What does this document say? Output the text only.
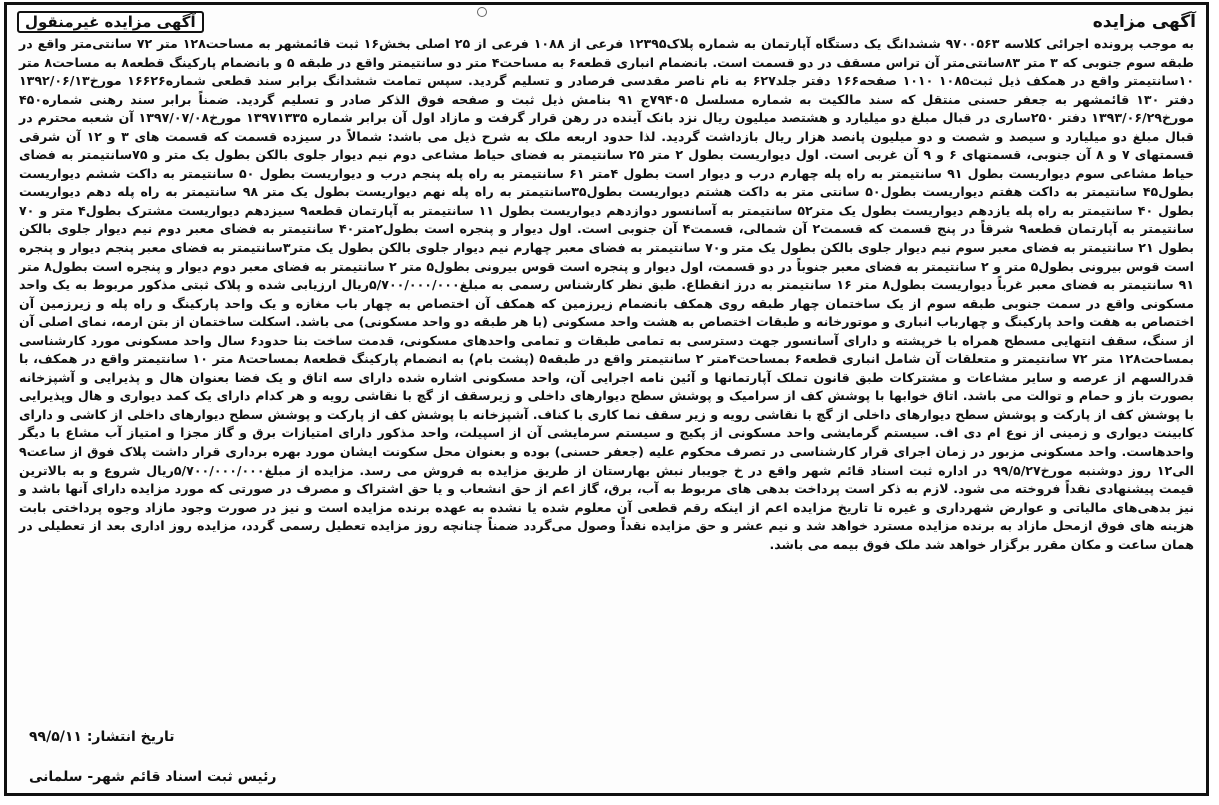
آگهی مزایده
آگهی مزایده غیرمنقول
به موجب پرونده اجرائی کلاسه ۹۷۰۰۵۶۳ ششدانگ یک دستگاه آپارتمان به شماره پلاک۱۲۳۹۵ فرعی از ۱۰۸۸ فرعی از ۲۵ اصلی بخش۱۶ ثبت قائمشهر به مساحت۱۲۸ متر ۷۲ سانتی‌متر واقع در طبقه سوم جنوبی که ۳ متر ۸۳سانتی‌متر آن تراس مسقف در دو قسمت است. بانضمام انباری قطعه۶ به مساحت۴ متر دو سانتیمتر واقع در طبقه ۵ و بانضمام پارکینگ قطعه۸ به مساحت۸ متر ۱۰سانتیمتر واقع در همکف ذیل ثبت۱۰۸۵ ۱۰۱۰ صفحه۱۶۶ دفتر جلد۶۲۷ به نام ناصر مقدسی فرصادر و تسلیم گردید. سپس تمامت ششدانگ برابر سند قطعی شماره۱۶۶۲۶ مورخ۱۳۹۲/۰۶/۱۳ دفتر ۱۳۰ قائمشهر به جعفر حسنی منتقل که سند مالکیت به شماره مسلسل ۷۹۴۰۵ج ۹۱ بنامش ذیل ثبت و صفحه فوق الذکر صادر و تسلیم گردید. ضمناً برابر سند رهنی شماره۴۵۰ مورخ۱۳۹۳/۰۶/۲۹ دفتر ۲۵۰ساری در قبال مبلغ دو میلیارد و هشتصد میلیون ریال نزد بانک آینده در رهن قرار گرفت و مازاد اول آن برابر شماره ۱۳۹۷۱۳۳۵ مورخ۱۳۹۷/۰۷/۰۸ آن شعبه محترم در قبال مبلغ دو میلیارد و سیصد و شصت و دو میلیون پانصد هزار ریال بازداشت گردید. لذا حدود اربعه ملک به شرح ذیل می باشد: شمالاً در سیزده قسمت که قسمت های ۳ و ۱۲ آن شرقی قسمتهای ۷ و ۸ آن جنوبی، قسمتهای ۶ و ۹ آن غربی است. اول دیواریست بطول ۲ متر ۲۵ سانتیمتر به فضای حیاط مشاعی دوم نیم دیوار جلوی بالکن بطول یک متر و ۷۵سانتیمتر به فضای حیاط مشاعی سوم دیواریست بطول ۹۱ سانتیمتر به راه پله چهارم درب و دیوار است بطول ۴متر ۶۱ سانتیمتر به راه پله پنجم درب و دیواریست بطول ۵۰ سانتیمتر به داکت ششم دیواریست بطول۴۵ سانتیمتر به داکت هفتم دیواریست بطول۵۰ سانتی متر به داکت هشتم دیواریست بطول۳۵سانتیمتر به راه پله نهم دیواریست بطول یک متر ۹۸ سانتیمتر به راه پله دهم دیواریست بطول ۴۰ سانتیمتر به راه پله یازدهم دیواریست بطول یک متر۵۲ سانتیمتر به آسانسور دوازدهم دیواریست بطول ۱۱ سانتیمتر به آپارتمان قطعه۹ سیزدهم دیواریست مشترک بطول۴ متر و ۷۰ سانتیمتر به آپارتمان قطعه۹ شرقاً در پنج قسمت که قسمت۲ آن شمالی، قسمت۴ آن جنوبی است. اول دیوار و پنجره است بطول۲متر۴۰ سانتیمتر به فضای معبر دوم نیم دیوار جلوی بالکن بطول ۲۱ سانتیمتر به فضای معبر سوم نیم دیوار جلوی بالکن بطول یک متر و۷۰ سانتیمتر به فضای معبر چهارم نیم دیوار جلوی بالکن بطول یک متر۳سانتیمتر به فضای معبر پنجم دیوار و پنجره است قوس بیرونی بطول۵ متر و ۲ سانتیمتر به فضای معبر جنوباً در دو قسمت، اول دیوار و پنجره است قوس بیرونی بطول۵ متر ۲ سانتیمتر به فضای معبر دوم دیوار و پنجره است بطول۸ متر ۹۱ سانتیمتر به فضای معبر غرباً دیواریست بطول۸ متر ۱۶ سانتیمتر به درز انقطاع. طبق نظر کارشناس رسمی به مبلغ۵/۷۰۰/۰۰۰/۰۰۰ریال ارزیابی شده و پلاک ثبتی مذکور مربوط به یک واحد مسکونی واقع در سمت جنوبی طبقه سوم از یک ساختمان چهار طبقه روی همکف بانضمام زیرزمین که همکف آن اختصاص به چهار باب مغازه و یک واحد پارکینگ و راه پله و زیرزمین آن اختصاص به هفت واحد پارکینگ و چهارباب انباری و موتورخانه و طبقات اختصاص به هشت واحد مسکونی (با هر طبقه دو واحد مسکونی) می باشد. اسکلت ساختمان از بتن ارمه، نمای اصلی آن از سنگ، سقف انتهایی مسطح همراه با خرپشته و دارای آسانسور جهت دسترسی به تمامی طبقات و تمامی واحدهای مسکونی، قدمت ساخت بنا حدود۶ سال واحد مسکونی مورد کارشناسی بمساحت۱۲۸ متر ۷۲ سانتیمتر و متعلقات آن شامل انباری قطعه۶ بمساحت۴متر ۲ سانتیمتر واقع در طبقه۵ (پشت بام) به انضمام پارکینگ قطعه۸ بمساحت۸ متر ۱۰ سانتیمتر واقع در همکف، با قدرالسهم از عرصه و سایر مشاعات و مشترکات طبق قانون تملک آپارتمانها و آئین نامه اجرایی آن، واحد مسکونی اشاره شده دارای سه اتاق و یک فضا بعنوان هال و پذیرایی و آشپزخانه بصورت باز و حمام و توالت می باشد. اتاق خوابها با پوشش کف از سرامیک و پوشش سطح دیوارهای داخلی و زیرسقف از گچ با نقاشی رویه و هر کدام دارای یک کمد دیواری و هال وپذیرایی با پوشش کف از پارکت و پوشش سطح دیوارهای داخلی از گچ با نقاشی رویه و زیر سقف نما کاری با کناف. آشپزخانه با پوشش کف از پارکت و پوشش سطح دیوارهای داخلی از کاشی و دارای کابینت دیواری و زمینی از نوع ام دی اف. سیستم گرمایشی واحد مسکونی از پکیج و سیستم سرمایشی آن از اسپیلت، واحد مذکور دارای امتیازات برق و گاز مجزا و امتیاز آب مشاع با دیگر واحدهاست. واحد مسکونی مزبور در زمان اجرای قرار کارشناسی در تصرف محکوم علیه (جعفر حسنی) بوده و بعنوان محل سکونت ایشان مورد بهره برداری قرار داشت پلاک فوق از ساعت۹ الی۱۲ روز دوشنبه مورخ۹۹/۵/۲۷ در اداره ثبت اسناد قائم شهر واقع در خ جویبار نبش بهارستان از طریق مزایده به فروش می رسد. مزایده از مبلغ۵/۷۰۰/۰۰۰/۰۰۰ریال شروع و به بالاترین قیمت پیشنهادی نقداً فروخته می شود. لازم به ذکر است پرداخت بدهی های مربوط به آب، برق، گاز اعم از حق انشعاب و یا حق اشتراک و مصرف در صورتی که مورد مزایده دارای آنها باشد و نیز بدهی‌های مالیاتی و عوارض شهرداری و غیره تا تاریخ مزایده اعم از اینکه رقم قطعی آن معلوم شده یا نشده به عهده برنده مزایده است و نیز در صورت وجود مازاد وجوه پرداختی بابت هزینه های فوق ازمحل مازاد به برنده مزایده مسترد خواهد شد و نیم عشر و حق مزایده نقداً وصول می‌گردد ضمناً چنانچه روز مزایده تعطیل رسمی گردد، مزایده روز اداری بعد از تعطیلی در همان ساعت و مکان مقرر برگزار خواهد شد ملک فوق بیمه می باشد.
تاریخ انتشار: ۹۹/۵/۱۱
رئیس ثبت اسناد قائم شهر- سلمانی
